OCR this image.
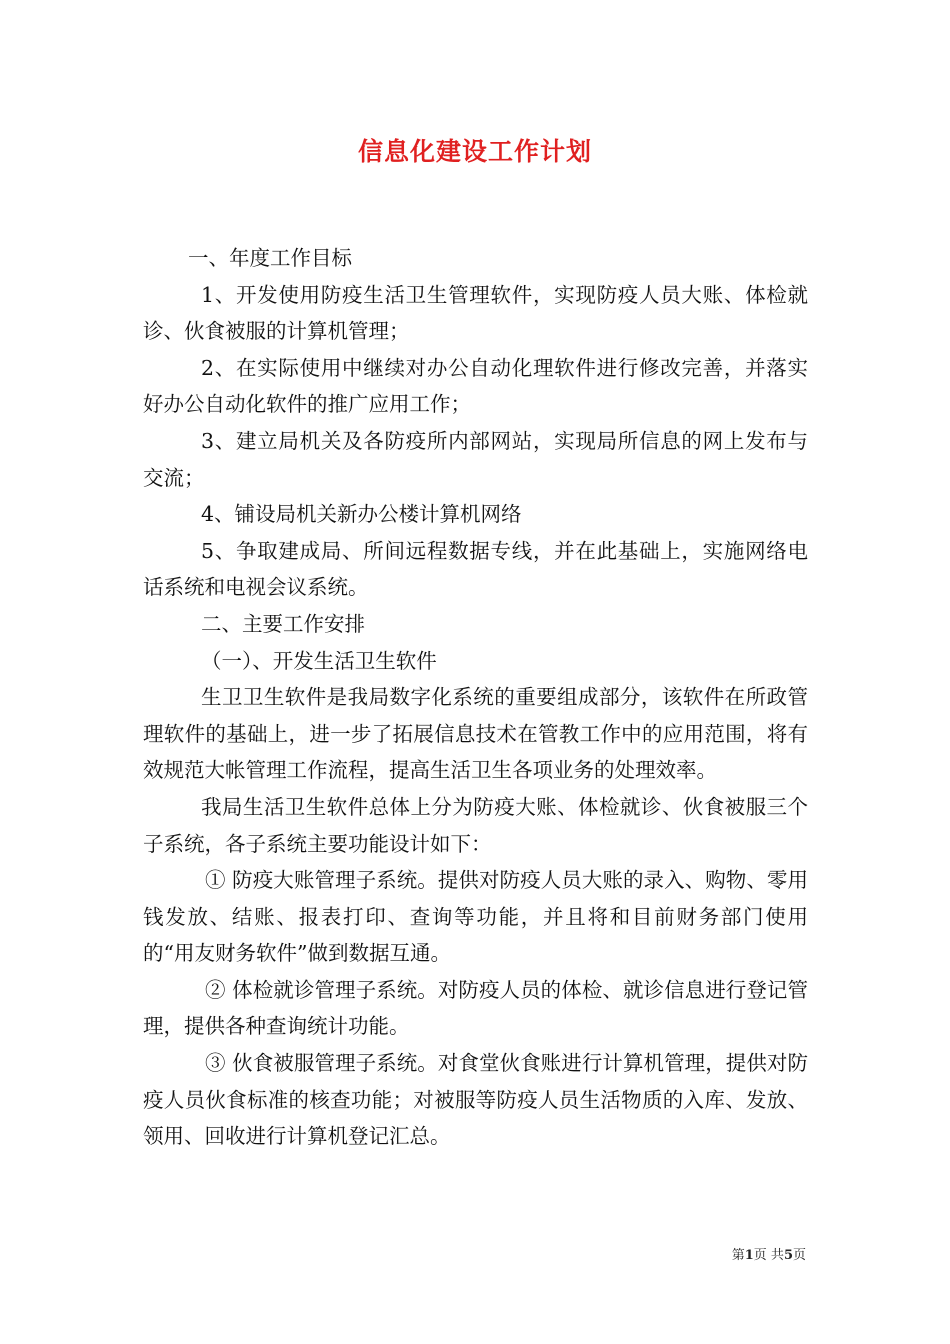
信息化建设工作计划

一、年度工作目标

1、开发使用防疫生活卫生管理软件，实现防疫人员大账、体检就诊、伙食被服的计算机管理；

2、在实际使用中继续对办公自动化理软件进行修改完善，并落实好办公自动化软件的推广应用工作；

3、建立局机关及各防疫所内部网站，实现局所信息的网上发布与交流；

4、铺设局机关新办公楼计算机网络

5、争取建成局、所间远程数据专线，并在此基础上，实施网络电话系统和电视会议系统。

二、主要工作安排

（一）、开发生活卫生软件

生卫卫生软件是我局数字化系统的重要组成部分，该软件在所政管理软件的基础上，进一步了拓展信息技术在管教工作中的应用范围，将有效规范大帐管理工作流程，提高生活卫生各项业务的处理效率。

我局生活卫生软件总体上分为防疫大账、体检就诊、伙食被服三个子系统，各子系统主要功能设计如下：

① 防疫大账管理子系统。提供对防疫人员大账的录入、购物、零用钱发放、结账、报表打印、查询等功能，并且将和目前财务部门使用的“用友财务软件”做到数据互通。

② 体检就诊管理子系统。对防疫人员的体检、就诊信息进行登记管理，提供各种查询统计功能。

③ 伙食被服管理子系统。对食堂伙食账进行计算机管理，提供对防疫人员伙食标准的核查功能；对被服等防疫人员生活物质的入库、发放、领用、回收进行计算机登记汇总。

第1页 共5页
